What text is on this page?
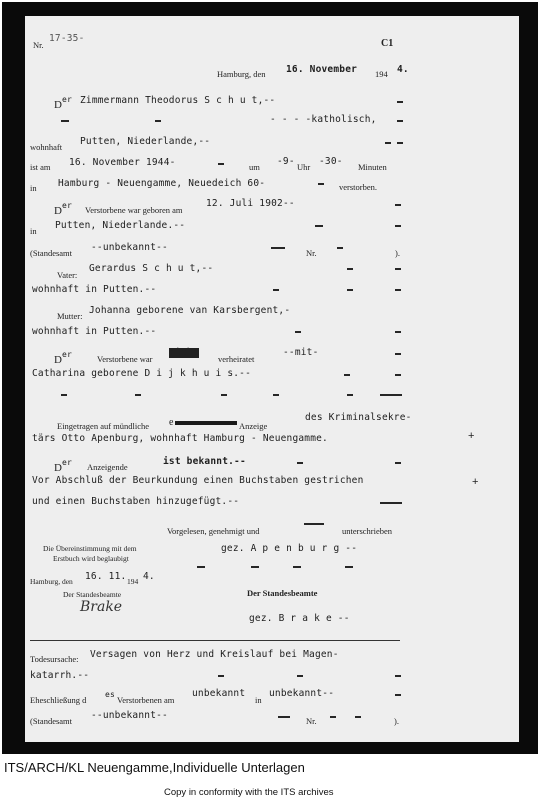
Nr.
17-35-	C1
Hamburg, den 16. November 194 4.
D er Zimmermann Theodorus S c h u t,--
- - - -katholisch,
wohnhaft Putten, Niederlande,--
ist am 16. November 1944-	um -9- Uhr -30- Minuten
in Hamburg - Neuengamme, Neuedeich 60-	verstorben.
D er Verstorbene war geboren am
12. Juli 1902--
in Putten, Niederlande.--
(Standesamt --unbekannt--	Nr.	).
Vater:
Gerardus S c h u t,--
wohnhaft in Putten.--
Mutter: Johanna geborene van Karsbergent,-
wohnhaft in Putten.--
D er	Verstorbene war
nicht
verheiratet
--mit-
Catharina geborene D i j k h u i s.--
Eingetragen auf mündliche e	Anzeige
des Kriminalsekre-
+
tärs Otto Apenburg, wohnhaft Hamburg - Neuengamme.
D er Anzeigende	ist bekannt.--
Vor Abschluß der Beurkundung einen Buchstaben gestrichen	+
und einen Buchstaben hinzugefügt.--
Vorgelesen, genehmigt und	unterschrieben
Die Übereinstimmung mit dem
Erstbuch wird beglaubigt
gez. A p e n b u r g --
Hamburg, den 16. 11. 194 4.
Der Standesbeamte
Brake
Der Standesbeamte
gez. B r a k e --
Todesursache: Versagen von Herz und Kreislauf bei Magen-
katarrh.--
Eheschließung d
es
Verstorbenen am
unbekannt
in
unbekannt--
(Standesamt --unbekannt--	Nr.	).
ITS/ARCH/KL Neuengamme,Individuelle Unterlagen
Copy in conformity with the ITS archives
